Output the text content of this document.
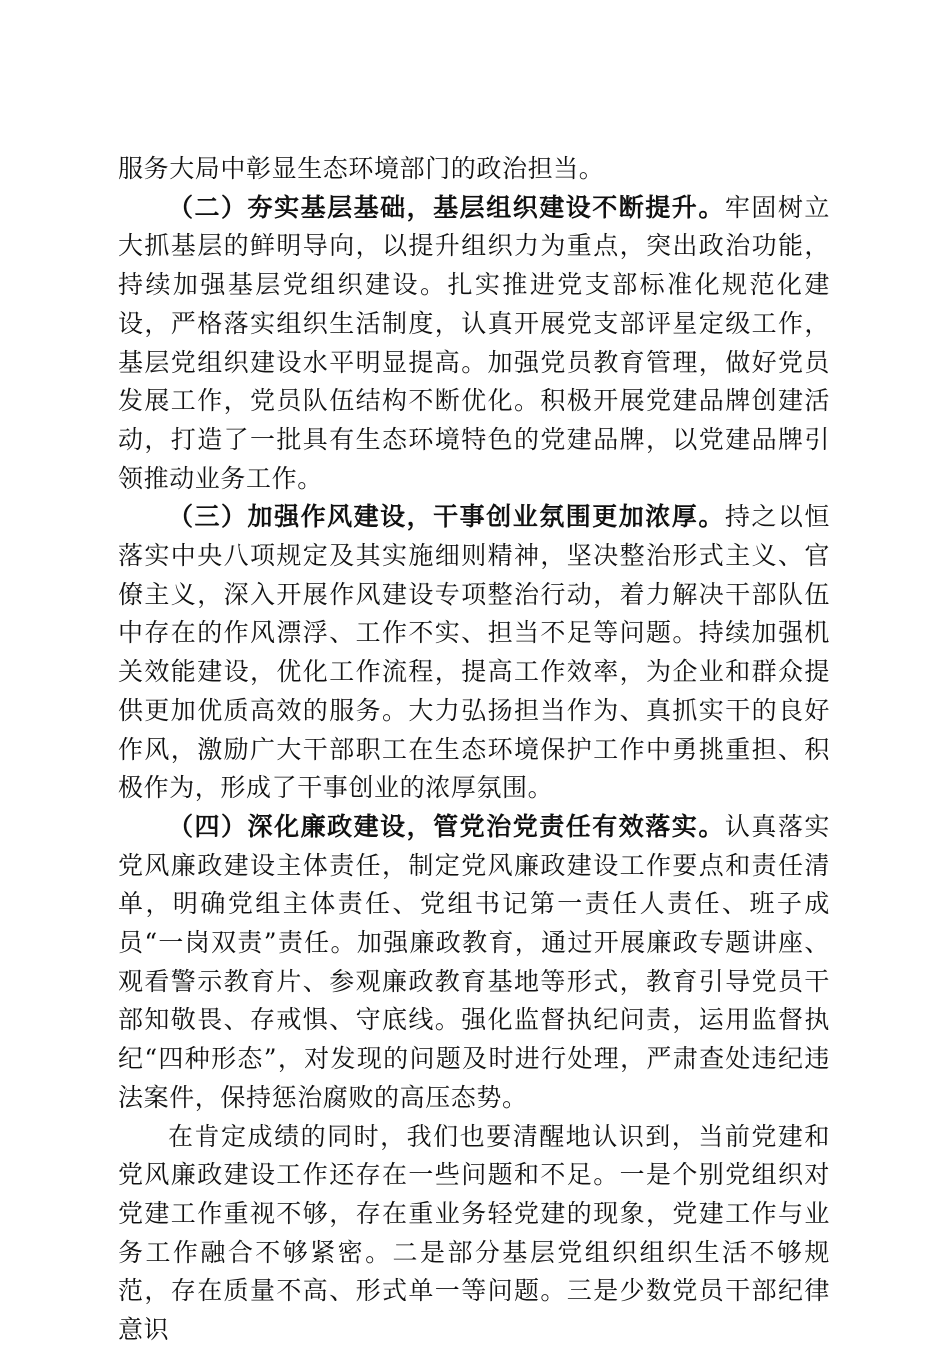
服务大局中彰显生态环境部门的政治担当。

（二）夯实基层基础，基层组织建设不断提升。牢固树立大抓基层的鲜明导向，以提升组织力为重点，突出政治功能，持续加强基层党组织建设。扎实推进党支部标准化规范化建设，严格落实组织生活制度，认真开展党支部评星定级工作，基层党组织建设水平明显提高。加强党员教育管理，做好党员发展工作，党员队伍结构不断优化。积极开展党建品牌创建活动，打造了一批具有生态环境特色的党建品牌，以党建品牌引领推动业务工作。

（三）加强作风建设，干事创业氛围更加浓厚。持之以恒落实中央八项规定及其实施细则精神，坚决整治形式主义、官僚主义，深入开展作风建设专项整治行动，着力解决干部队伍中存在的作风漂浮、工作不实、担当不足等问题。持续加强机关效能建设，优化工作流程，提高工作效率，为企业和群众提供更加优质高效的服务。大力弘扬担当作为、真抓实干的良好作风，激励广大干部职工在生态环境保护工作中勇挑重担、积极作为，形成了干事创业的浓厚氛围。

（四）深化廉政建设，管党治党责任有效落实。认真落实党风廉政建设主体责任，制定党风廉政建设工作要点和责任清单，明确党组主体责任、党组书记第一责任人责任、班子成员“一岗双责”责任。加强廉政教育，通过开展廉政专题讲座、观看警示教育片、参观廉政教育基地等形式，教育引导党员干部知敬畏、存戒惧、守底线。强化监督执纪问责，运用监督执纪“四种形态”，对发现的问题及时进行处理，严肃查处违纪违法案件，保持惩治腐败的高压态势。

在肯定成绩的同时，我们也要清醒地认识到，当前党建和党风廉政建设工作还存在一些问题和不足。一是个别党组织对党建工作重视不够，存在重业务轻党建的现象，党建工作与业务工作融合不够紧密。二是部分基层党组织组织生活不够规范，存在质量不高、形式单一等问题。三是少数党员干部纪律意识
